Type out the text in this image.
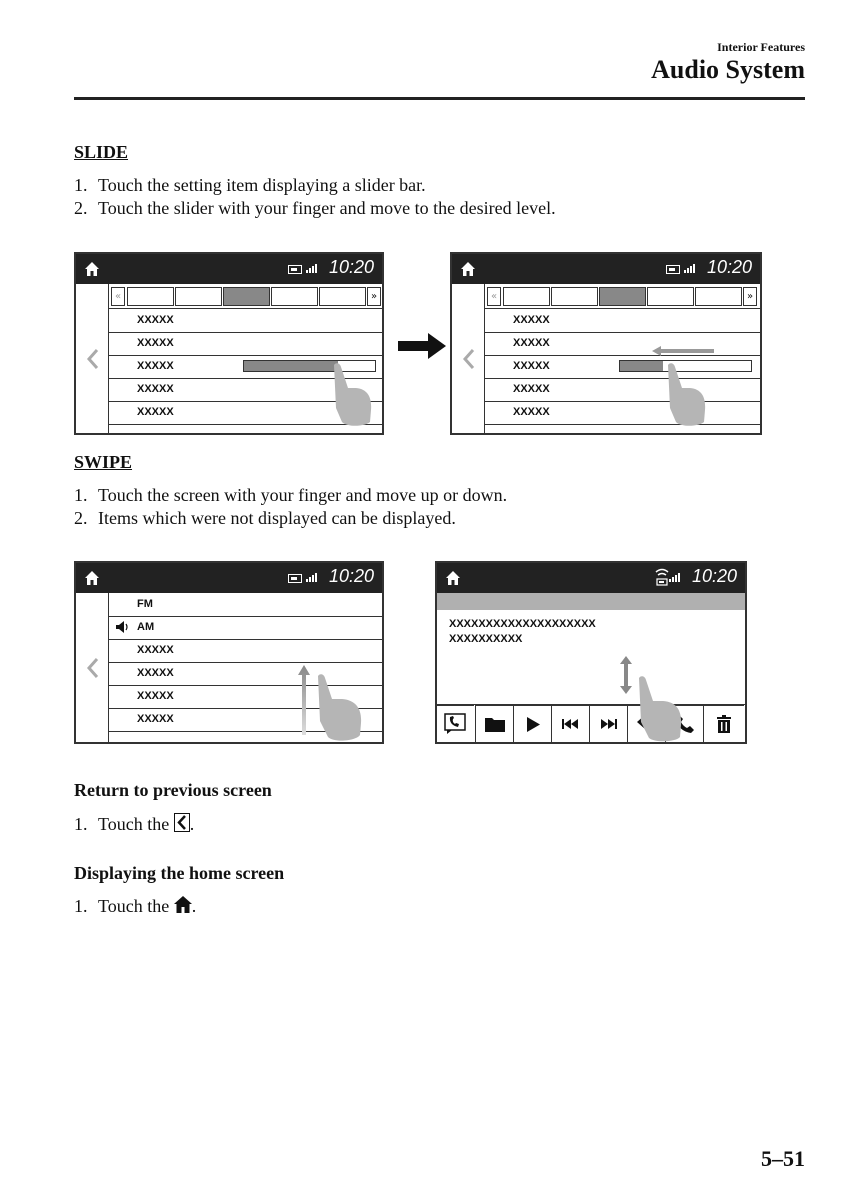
Interior Features
Audio System
SLIDE
1. Touch the setting item displaying a slider bar.
2. Touch the slider with your finger and move to the desired level.
10:20
«	»
XXXXX
XXXXX
XXXXX
XXXXX
XXXXX
10:20
«	»
XXXXX
XXXXX
XXXXX
XXXXX
XXXXX
SWIPE
1. Touch the screen with your finger and move up or down.
2. Items which were not displayed can be displayed.
10:20
FM
AM
XXXXX
XXXXX
XXXXX
XXXXX
10:20
XXXXXXXXXXXXXXXXXXXX
XXXXXXXXXX
Return to previous screen
1. Touch the .
Displaying the home screen
1. Touch the .
5–51
